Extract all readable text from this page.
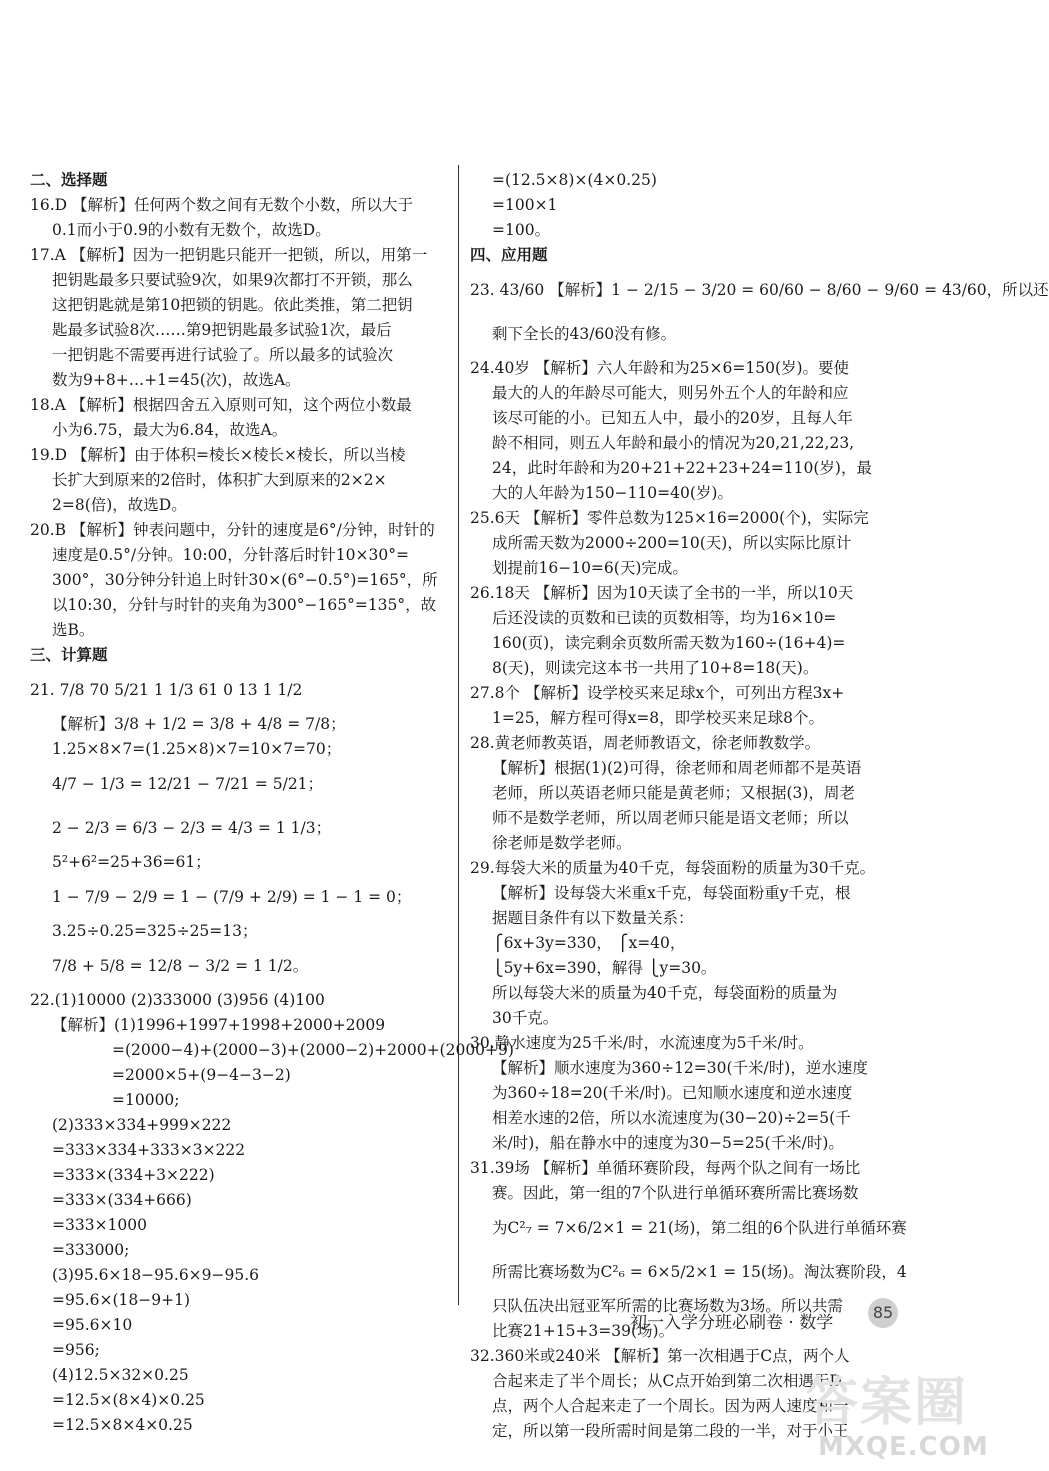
二、选择题
16.D 【解析】任何两个数之间有无数个小数，所以大于
0.1而小于0.9的小数有无数个，故选D。
17.A 【解析】因为一把钥匙只能开一把锁，所以，用第一
把钥匙最多只要试验9次，如果9次都打不开锁，那么
这把钥匙就是第10把锁的钥匙。依此类推，第二把钥
匙最多试验8次……第9把钥匙最多试验1次，最后
一把钥匙不需要再进行试验了。所以最多的试验次
数为9+8+…+1=45(次)，故选A。
18.A 【解析】根据四舍五入原则可知，这个两位小数最
小为6.75，最大为6.84，故选A。
19.D 【解析】由于体积=棱长×棱长×棱长，所以当棱
长扩大到原来的2倍时，体积扩大到原来的2×2×
2=8(倍)，故选D。
20.B 【解析】钟表问题中，分针的速度是6°/分钟，时针的
速度是0.5°/分钟。10:00，分针落后时针10×30°=
300°，30分钟分针追上时针30×(6°−0.5°)=165°，所
以10:30，分针与时针的夹角为300°−165°=135°，故
选B。
三、计算题
21. 7/8 70 5/21 1 1/3 61 0 13 1 1/2
【解析】3/8 + 1/2 = 3/8 + 4/8 = 7/8；
1.25×8×7=(1.25×8)×7=10×7=70；
4/7 − 1/3 = 12/21 − 7/21 = 5/21；
2 − 2/3 = 6/3 − 2/3 = 4/3 = 1 1/3；
5²+6²=25+36=61；
1 − 7/9 − 2/9 = 1 − (7/9 + 2/9) = 1 − 1 = 0；
3.25÷0.25=325÷25=13；
7/8 + 5/8 = 12/8 − 3/2 = 1 1/2。
22.(1)10000 (2)333000 (3)956 (4)100
【解析】(1)1996+1997+1998+2000+2009
=(2000−4)+(2000−3)+(2000−2)+2000+(2000+9)
=2000×5+(9−4−3−2)
=10000;
(2)333×334+999×222
=333×334+333×3×222
=333×(334+3×222)
=333×(334+666)
=333×1000
=333000;
(3)95.6×18−95.6×9−95.6
=95.6×(18−9+1)
=95.6×10
=956;
(4)12.5×32×0.25
=12.5×(8×4)×0.25
=12.5×8×4×0.25
=(12.5×8)×(4×0.25)
=100×1
=100。
四、应用题
23. 43/60 【解析】1 − 2/15 − 3/20 = 60/60 − 8/60 − 9/60 = 43/60，所以还
剩下全长的43/60没有修。
24.40岁 【解析】六人年龄和为25×6=150(岁)。要使
最大的人的年龄尽可能大，则另外五个人的年龄和应
该尽可能的小。已知五人中，最小的20岁，且每人年
龄不相同，则五人年龄和最小的情况为20,21,22,23,
24，此时年龄和为20+21+22+23+24=110(岁)，最
大的人年龄为150−110=40(岁)。
25.6天 【解析】零件总数为125×16=2000(个)，实际完
成所需天数为2000÷200=10(天)，所以实际比原计
划提前16−10=6(天)完成。
26.18天 【解析】因为10天读了全书的一半，所以10天
后还没读的页数和已读的页数相等，均为16×10=
160(页)，读完剩余页数所需天数为160÷(16+4)=
8(天)，则读完这本书一共用了10+8=18(天)。
27.8个 【解析】设学校买来足球x个，可列出方程3x+
1=25，解方程可得x=8，即学校买来足球8个。
28.黄老师教英语，周老师教语文，徐老师教数学。
【解析】根据(1)(2)可得，徐老师和周老师都不是英语
老师，所以英语老师只能是黄老师；又根据(3)，周老
师不是数学老师，所以周老师只能是语文老师；所以
徐老师是数学老师。
29.每袋大米的质量为40千克，每袋面粉的质量为30千克。
【解析】设每袋大米重x千克，每袋面粉重y千克，根
据题目条件有以下数量关系：
⎧6x+3y=330， ⎧x=40，
⎩5y+6x=390，解得 ⎩y=30。
所以每袋大米的质量为40千克，每袋面粉的质量为
30千克。
30.静水速度为25千米/时，水流速度为5千米/时。
【解析】顺水速度为360÷12=30(千米/时)，逆水速度
为360÷18=20(千米/时)。已知顺水速度和逆水速度
相差水速的2倍，所以水流速度为(30−20)÷2=5(千
米/时)，船在静水中的速度为30−5=25(千米/时)。
31.39场 【解析】单循环赛阶段，每两个队之间有一场比
赛。因此，第一组的7个队进行单循环赛所需比赛场数
为C²₇ = 7×6/2×1 = 21(场)，第二组的6个队进行单循环赛
所需比赛场数为C²₆ = 6×5/2×1 = 15(场)。淘汰赛阶段，4
只队伍决出冠亚军所需的比赛场数为3场。所以共需
比赛21+15+3=39(场)。
32.360米或240米 【解析】第一次相遇于C点，两个人
合起来走了半个周长；从C点开始到第二次相遇于D
点，两个人合起来走了一个周长。因为两人速度和一
定，所以第一段所需时间是第二段的一半，对于小王
初一入学分班必刷卷 · 数学
85
答案圈
MXQE.COM
